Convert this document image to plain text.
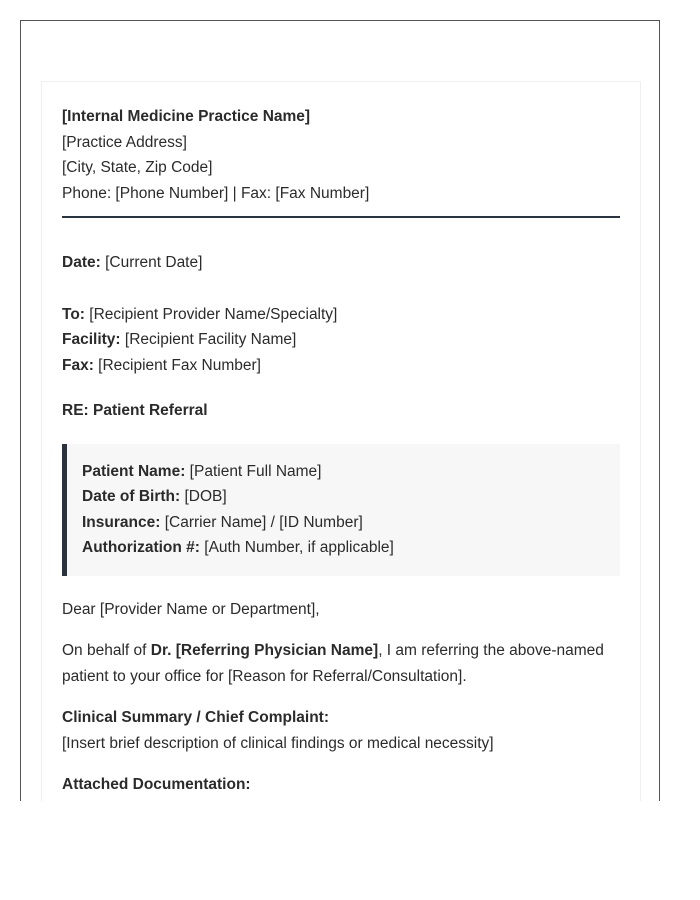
[Internal Medicine Practice Name]
[Practice Address]
[City, State, Zip Code]
Phone: [Phone Number] | Fax: [Fax Number]
Date: [Current Date]
To: [Recipient Provider Name/Specialty]
Facility: [Recipient Facility Name]
Fax: [Recipient Fax Number]
RE: Patient Referral
Patient Name: [Patient Full Name]
Date of Birth: [DOB]
Insurance: [Carrier Name] / [ID Number]
Authorization #: [Auth Number, if applicable]
Dear [Provider Name or Department],

On behalf of Dr. [Referring Physician Name], I am referring the above-named patient to your office for [Reason for Referral/Consultation].

Clinical Summary / Chief Complaint:
[Insert brief description of clinical findings or medical necessity]
Attached Documentation:
